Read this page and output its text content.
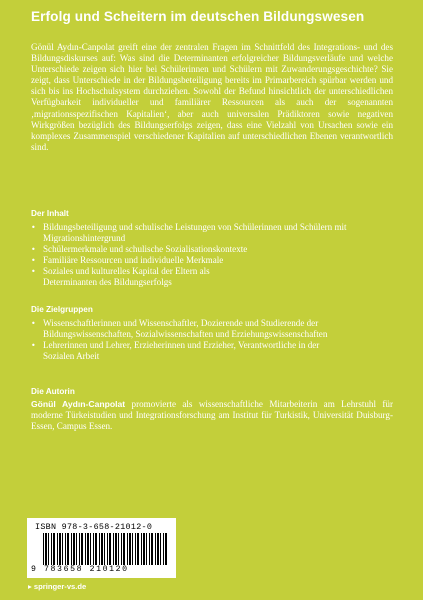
Erfolg und Scheitern im deutschen Bildungswesen
Gönül Aydın-Canpolat greift eine der zentralen Fragen im Schnittfeld des Integrations- und des Bildungsdiskurses auf: Was sind die Determinanten erfolgreicher Bildungsverläufe und welche Unterschiede zeigen sich hier bei Schülerinnen und Schülern mit Zuwanderungsgeschichte? Sie zeigt, dass Unterschiede in der Bildungsbeteiligung bereits im Primarbereich spürbar werden und sich bis ins Hochschulsystem durchziehen. Sowohl der Befund hinsichtlich der unterschiedlichen Verfügbarkeit individueller und familiärer Ressourcen als auch der sogenannten ‚migrationsspezifischen Kapitalien‘, aber auch universalen Prädiktoren sowie negativen Wirkgrößen bezüglich des Bildungserfolgs zeigen, dass eine Vielzahl von Ursachen sowie ein komplexes Zusammenspiel verschiedener Kapitalien auf unterschiedlichen Ebenen verantwortlich sind.
Der Inhalt
• Bildungsbeteiligung und schulische Leistungen von Schülerinnen und Schülern mit Migrationshintergrund
• Schülermerkmale und schulische Sozialisationskontexte
• Familiäre Ressourcen und individuelle Merkmale
• Soziales und kulturelles Kapital der Eltern als Determinanten des Bildungserfolgs
Die Zielgruppen
• Wissenschaftlerinnen und Wissenschaftler, Dozierende und Studierende der Bildungswissenschaften, Sozialwissenschaften und Erziehungswissenschaften
• Lehrerinnen und Lehrer, Erzieherinnen und Erzieher, Verantwortliche in der Sozialen Arbeit
Die Autorin
Gönül Aydın-Canpolat promovierte als wissenschaftliche Mitarbeiterin am Lehrstuhl für moderne Türkeistudien und Integrationsforschung am Institut für Turkistik, Universität Duisburg-Essen, Campus Essen.
ISBN 978-3-658-21012-0
9 783658 210120
▸ springer-vs.de
